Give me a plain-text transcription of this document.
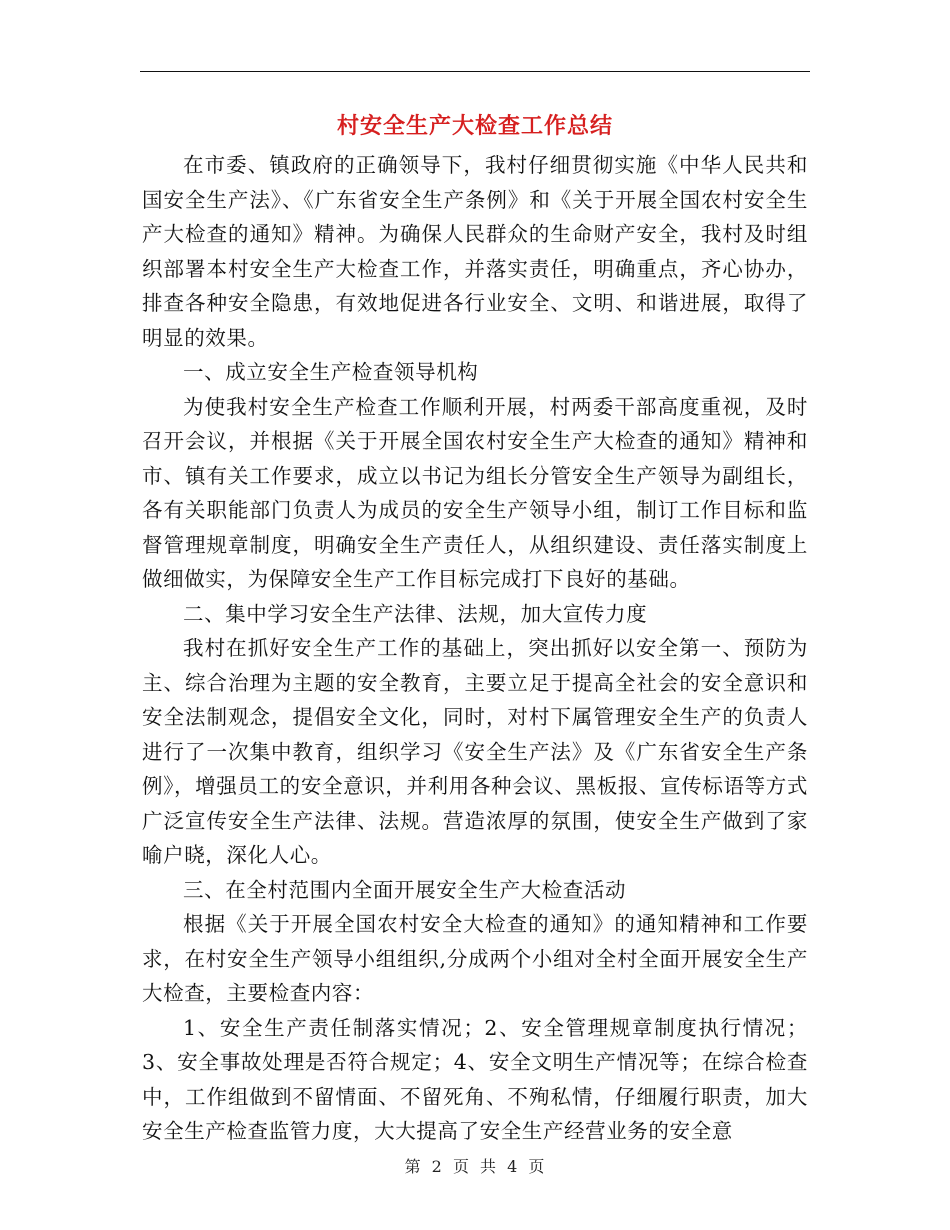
村安全生产大检查工作总结

在市委、镇政府的正确领导下，我村仔细贯彻实施《中华人民共和国安全生产法》、《广东省安全生产条例》和《关于开展全国农村安全生产大检查的通知》精神。为确保人民群众的生命财产安全，我村及时组织部署本村安全生产大检查工作，并落实责任，明确重点，齐心协办，排查各种安全隐患，有效地促进各行业安全、文明、和谐进展，取得了明显的效果。

一、成立安全生产检查领导机构

为使我村安全生产检查工作顺利开展，村两委干部高度重视，及时召开会议，并根据《关于开展全国农村安全生产大检查的通知》精神和市、镇有关工作要求，成立以书记为组长分管安全生产领导为副组长，各有关职能部门负责人为成员的安全生产领导小组，制订工作目标和监督管理规章制度，明确安全生产责任人，从组织建设、责任落实制度上做细做实，为保障安全生产工作目标完成打下良好的基础。

二、集中学习安全生产法律、法规，加大宣传力度

我村在抓好安全生产工作的基础上，突出抓好以安全第一、预防为主、综合治理为主题的安全教育，主要立足于提高全社会的安全意识和安全法制观念，提倡安全文化，同时，对村下属管理安全生产的负责人进行了一次集中教育，组织学习《安全生产法》及《广东省安全生产条例》，增强员工的安全意识，并利用各种会议、黑板报、宣传标语等方式广泛宣传安全生产法律、法规。营造浓厚的氛围，使安全生产做到了家喻户晓，深化人心。

三、在全村范围内全面开展安全生产大检查活动

根据《关于开展全国农村安全大检查的通知》的通知精神和工作要求，在村安全生产领导小组组织,分成两个小组对全村全面开展安全生产大检查，主要检查内容：

1、安全生产责任制落实情况；2、安全管理规章制度执行情况；3、安全事故处理是否符合规定；4、安全文明生产情况等；在综合检查中，工作组做到不留情面、不留死角、不殉私情，仔细履行职责，加大安全生产检查监管力度，大大提高了安全生产经营业务的安全意

第 2 页 共 4 页
